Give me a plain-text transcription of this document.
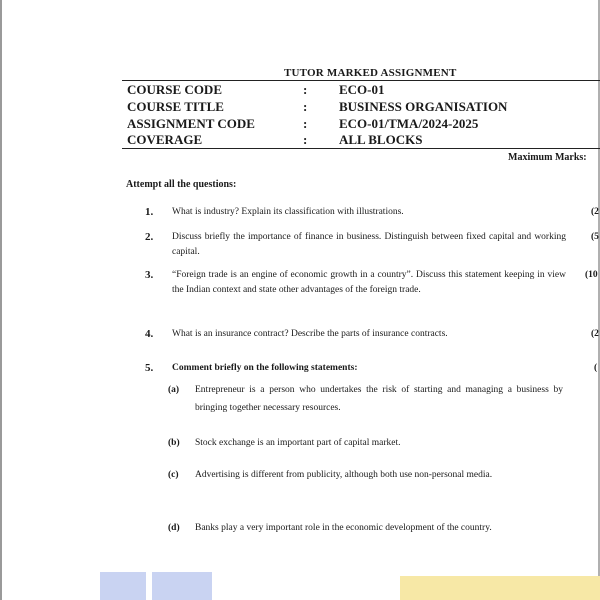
TUTOR MARKED ASSIGNMENT
COURSE CODE	: ECO-01
COURSE TITLE	: BUSINESS ORGANISATION
ASSIGNMENT CODE	: ECO-01/TMA/2024-2025
COVERAGE	: ALL BLOCKS
Maximum Marks:
Attempt all the questions:
1. What is industry? Explain its classification with illustrations.	(2
2. Discuss briefly the importance of finance in business. Distinguish between fixed capital and working capital.
(5
3. “Foreign trade is an engine of economic growth in a country”. Discuss this statement keeping in view the Indian context and state other advantages of the foreign trade.
(10
4. What is an insurance contract? Describe the parts of insurance contracts.	(2
5. Comment briefly on the following statements:	(
(a) Entrepreneur is a person who undertakes the risk of starting and managing a business by bringing together necessary resources.
(b) Stock exchange is an important part of capital market.
(c) Advertising is different from publicity, although both use non-personal media.
(d) Banks play a very important role in the economic development of the country.
